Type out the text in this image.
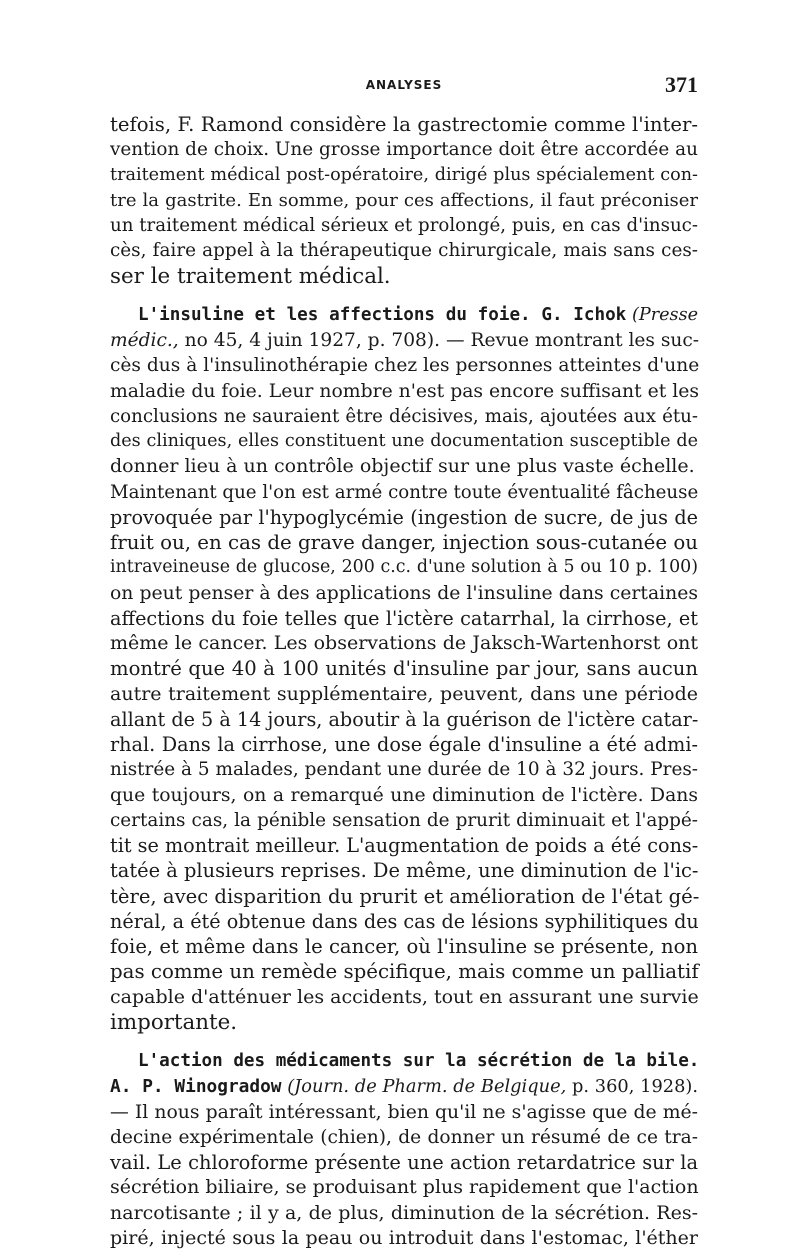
ANALYSES	371
tefois, F. Ramond considère la gastrectomie comme l'inter-
vention de choix. Une grosse importance doit être accordée au
traitement médical post-opératoire, dirigé plus spécialement con-
tre la gastrite. En somme, pour ces affections, il faut préconiser
un traitement médical sérieux et prolongé, puis, en cas d'insuc-
cès, faire appel à la thérapeutique chirurgicale, mais sans ces-
ser le traitement médical.
L'insuline et les affections du foie. G. Ichok (Presse
médic., no 45, 4 juin 1927, p. 708). — Revue montrant les suc-
cès dus à l'insulinothérapie chez les personnes atteintes d'une
maladie du foie. Leur nombre n'est pas encore suffisant et les
conclusions ne sauraient être décisives, mais, ajoutées aux étu-
des cliniques, elles constituent une documentation susceptible de
donner lieu à un contrôle objectif sur une plus vaste échelle.
Maintenant que l'on est armé contre toute éventualité fâcheuse
provoquée par l'hypoglycémie (ingestion de sucre, de jus de
fruit ou, en cas de grave danger, injection sous-cutanée ou
intraveineuse de glucose, 200 c.c. d'une solution à 5 ou 10 p. 100)
on peut penser à des applications de l'insuline dans certaines
affections du foie telles que l'ictère catarrhal, la cirrhose, et
même le cancer. Les observations de Jaksch-Wartenhorst ont
montré que 40 à 100 unités d'insuline par jour, sans aucun
autre traitement supplémentaire, peuvent, dans une période
allant de 5 à 14 jours, aboutir à la guérison de l'ictère catar-
rhal. Dans la cirrhose, une dose égale d'insuline a été admi-
nistrée à 5 malades, pendant une durée de 10 à 32 jours. Pres-
que toujours, on a remarqué une diminution de l'ictère. Dans
certains cas, la pénible sensation de prurit diminuait et l'appé-
tit se montrait meilleur. L'augmentation de poids a été cons-
tatée à plusieurs reprises. De même, une diminution de l'ic-
tère, avec disparition du prurit et amélioration de l'état gé-
néral, a été obtenue dans des cas de lésions syphilitiques du
foie, et même dans le cancer, où l'insuline se présente, non
pas comme un remède spécifique, mais comme un palliatif
capable d'atténuer les accidents, tout en assurant une survie
importante.
L'action des médicaments sur la sécrétion de la bile.
A. P. Winogradow (Journ. de Pharm. de Belgique, p. 360, 1928).
— Il nous paraît intéressant, bien qu'il ne s'agisse que de mé-
decine expérimentale (chien), de donner un résumé de ce tra-
vail. Le chloroforme présente une action retardatrice sur la
sécrétion biliaire, se produisant plus rapidement que l'action
narcotisante ; il y a, de plus, diminution de la sécrétion. Res-
piré, injecté sous la peau ou introduit dans l'estomac, l'éther
